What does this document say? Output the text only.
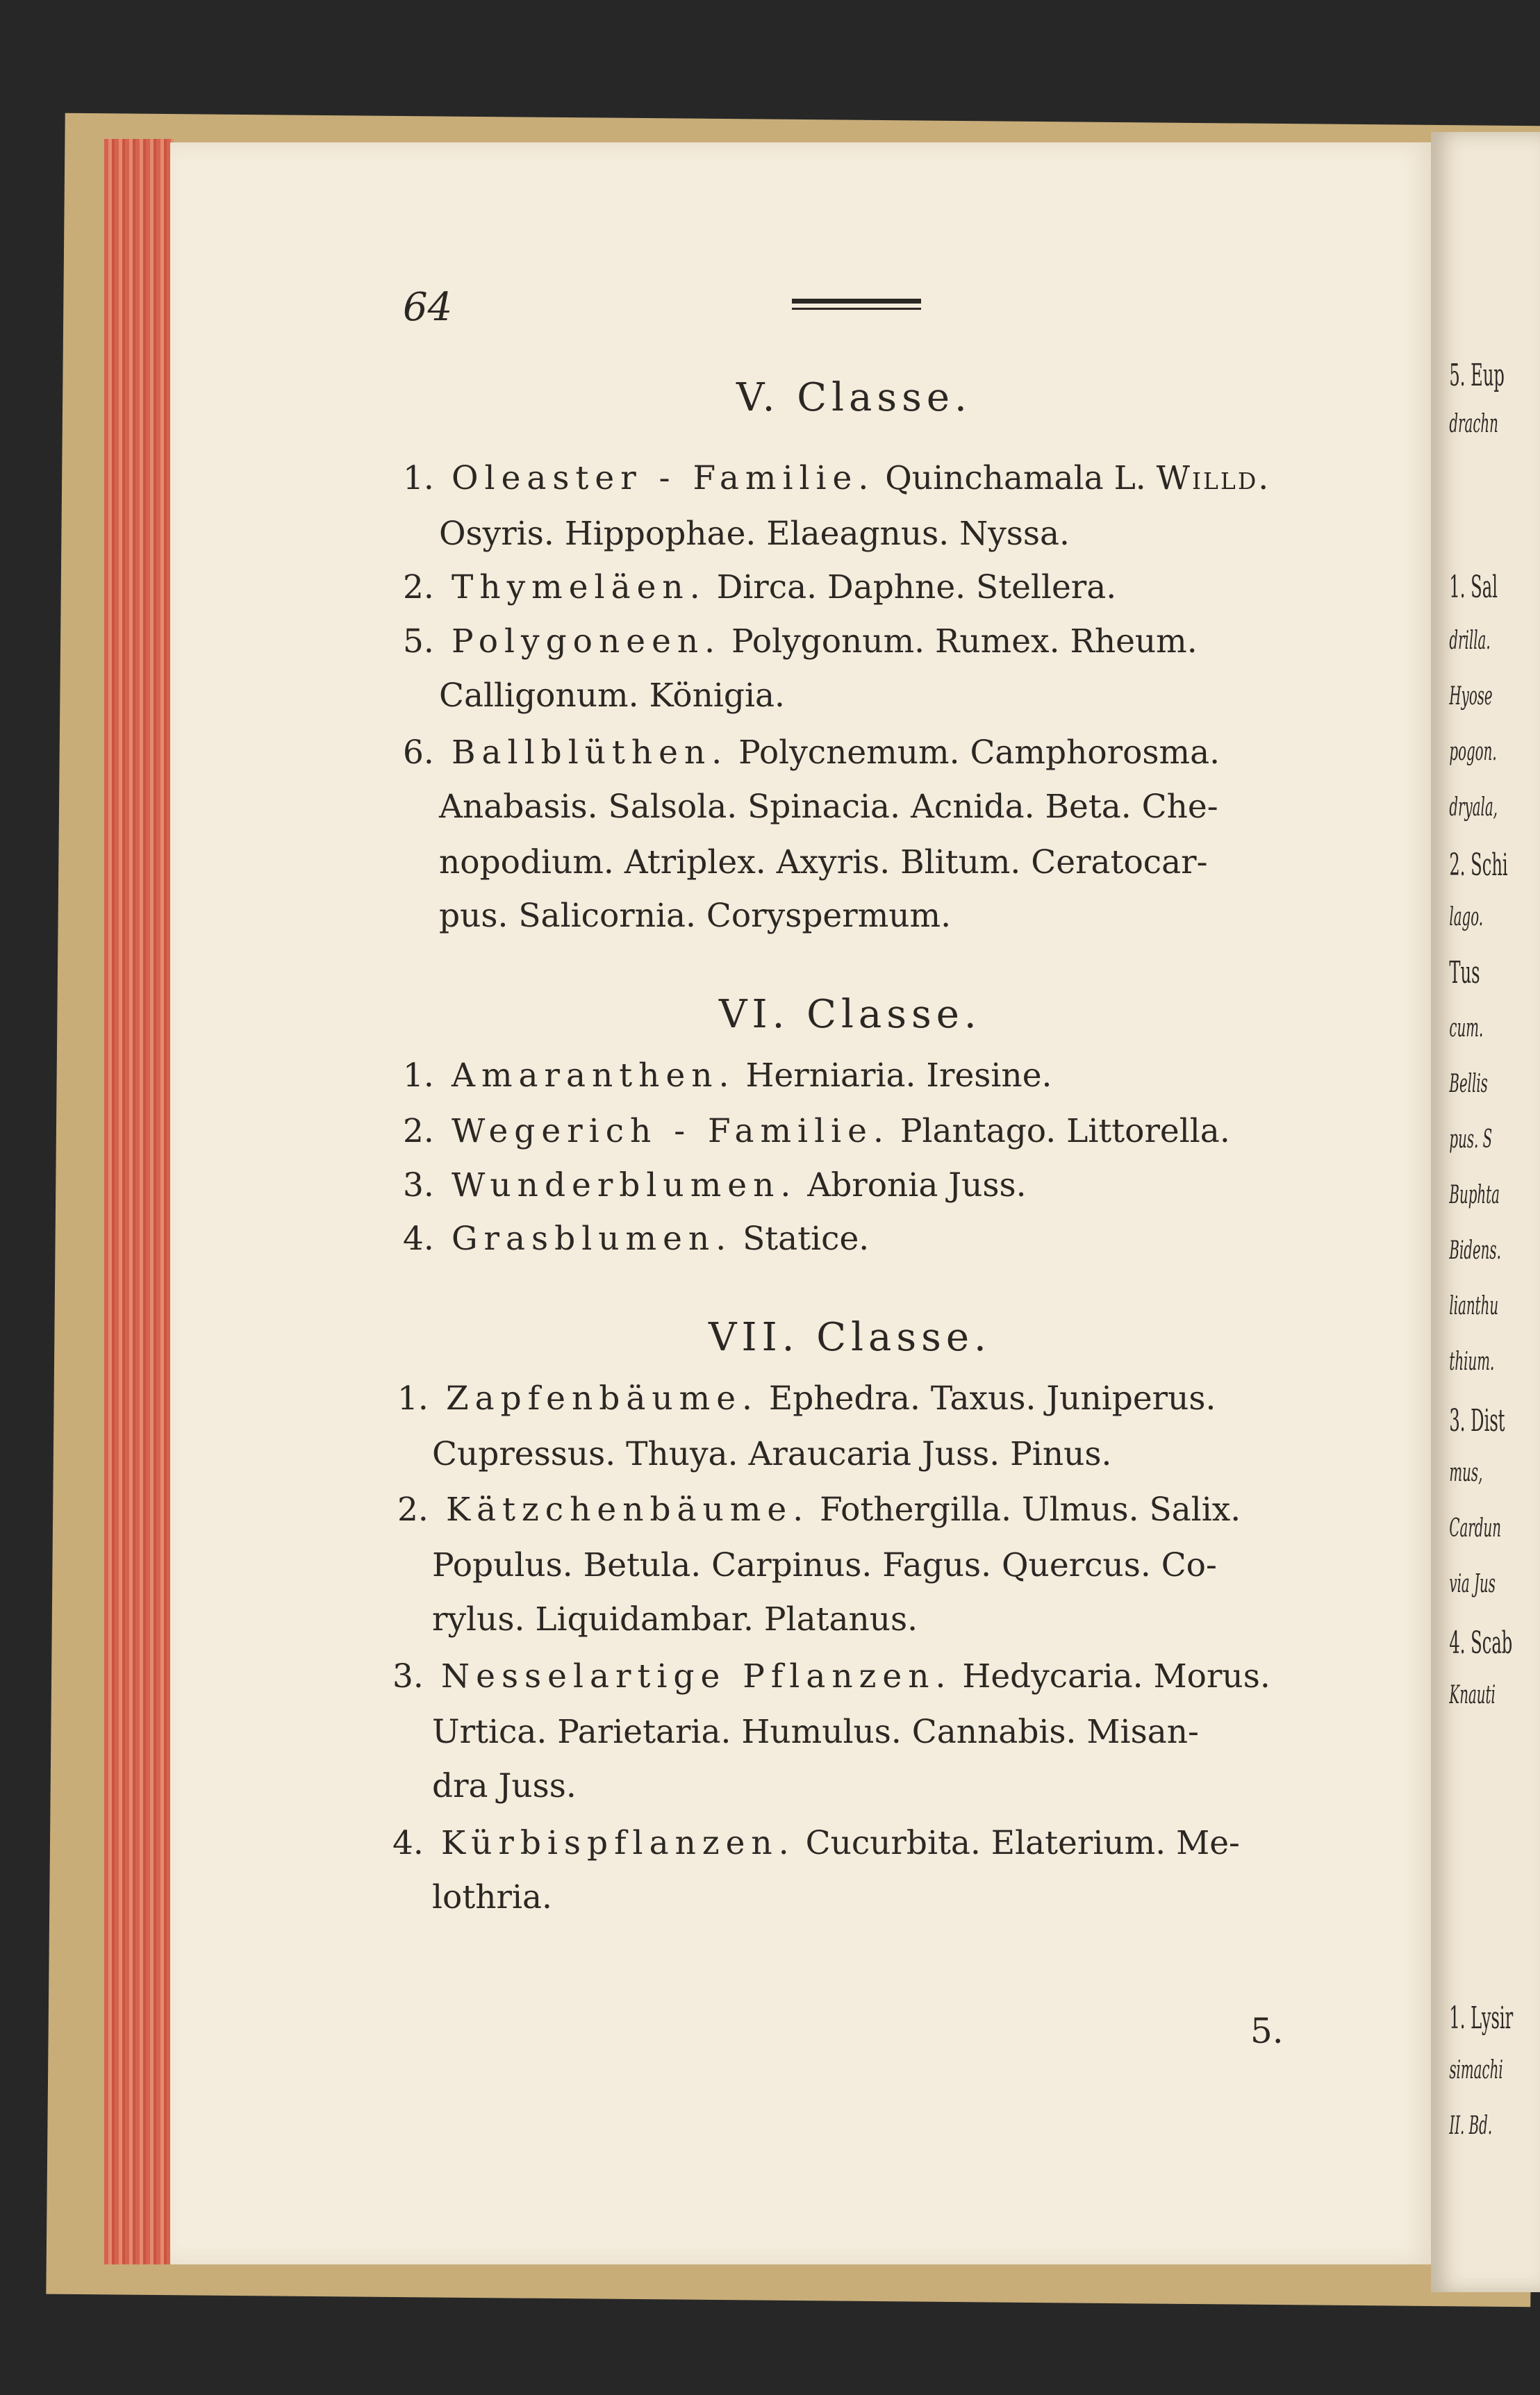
5. Eup
drachn
1. Sal
drilla.
Hyose
pogon.
dryala,
2. Schi
lago.
Tus
cum.
Bellis
pus. S
Buphta
Bidens.
lianthu
thium.
3. Dist
mus,
Cardun
via Jus
4. Scab
Knauti
1. Lysir
simachi
II. Bd.
64
V. Classe.
1. Oleaster - Familie. Quinchamala L. Willd.
Osyris. Hippophae. Elaeagnus. Nyssa.
2. Thymeläen. Dirca. Daphne. Stellera.
5. Polygoneen. Polygonum. Rumex. Rheum.
Calligonum. Königia.
6. Ballblüthen. Polycnemum. Camphorosma.
Anabasis. Salsola. Spinacia. Acnida. Beta. Che-
nopodium. Atriplex. Axyris. Blitum. Ceratocar-
pus. Salicornia. Coryspermum.
VI. Classe.
1. Amaranthen. Herniaria. Iresine.
2. Wegerich - Familie. Plantago. Littorella.
3. Wunderblumen. Abronia Juss.
4. Grasblumen. Statice.
VII. Classe.
1. Zapfenbäume. Ephedra. Taxus. Juniperus.
Cupressus. Thuya. Araucaria Juss. Pinus.
2. Kätzchenbäume. Fothergilla. Ulmus. Salix.
Populus. Betula. Carpinus. Fagus. Quercus. Co-
rylus. Liquidambar. Platanus.
3. Nesselartige Pflanzen. Hedycaria. Morus.
Urtica. Parietaria. Humulus. Cannabis. Misan-
dra Juss.
4. Kürbispflanzen. Cucurbita. Elaterium. Me-
lothria.
5.
